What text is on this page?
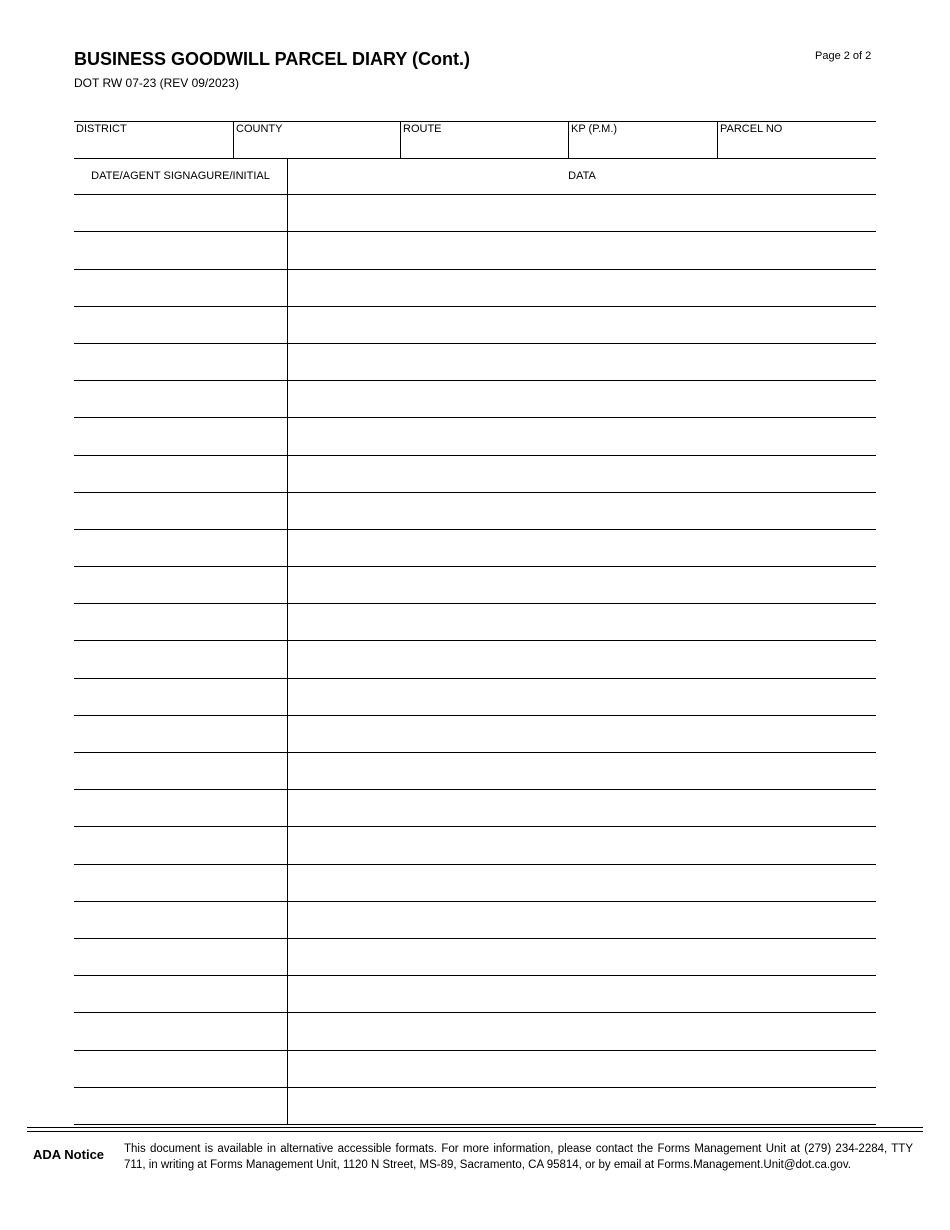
BUSINESS GOODWILL PARCEL DIARY (Cont.)
DOT RW 07-23 (REV 09/2023)
Page 2 of 2
DISTRICT	COUNTY	ROUTE	KP (P.M.)	PARCEL NO
DATE/AGENT SIGNAGURE/INITIAL	DATA
ADA Notice This document is available in alternative accessible formats. For more information, please contact the Forms Management Unit at (279) 234-2284, TTY 711, in writing at Forms Management Unit, 1120 N Street, MS-89, Sacramento, CA 95814, or by email at Forms.Management.Unit@dot.ca.gov.
